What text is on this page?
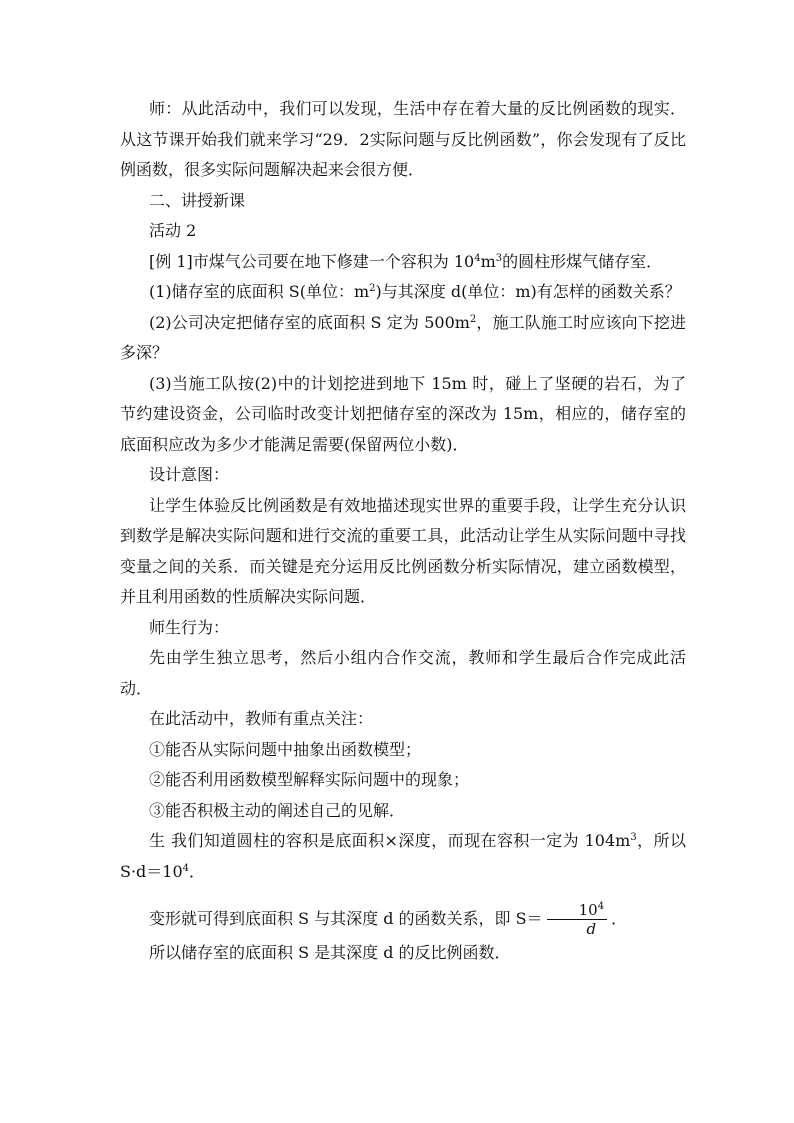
师：从此活动中，我们可以发现，生活中存在着大量的反比例函数的现实．从这节课开始我们就来学习“29．2实际问题与反比例函数”，你会发现有了反比例函数，很多实际问题解决起来会很方便．

二、讲授新课

活动 2

[例 1]市煤气公司要在地下修建一个容积为 $10^4m^3$的圆柱形煤气储存室．

(1)储存室的底面积 S(单位：$m^2$)与其深度 d(单位：m)有怎样的函数关系？

(2)公司决定把储存室的底面积 S 定为 $500m^2$，施工队施工时应该向下挖进多深？

(3)当施工队按(2)中的计划挖进到地下 15m 时，碰上了坚硬的岩石，为了节约建设资金，公司临时改变计划把储存室的深改为 15m，相应的，储存室的底面积应改为多少才能满足需要(保留两位小数)．

设计意图：

让学生体验反比例函数是有效地描述现实世界的重要手段，让学生充分认识到数学是解决实际问题和进行交流的重要工具，此活动让学生从实际问题中寻找变量之间的关系．而关键是充分运用反比例函数分析实际情况，建立函数模型，并且利用函数的性质解决实际问题．

师生行为：

先由学生独立思考，然后小组内合作交流，教师和学生最后合作完成此活动．

在此活动中，教师有重点关注：

①能否从实际问题中抽象出函数模型；

②能否利用函数模型解释实际问题中的现象；

③能否积极主动的阐述自己的见解．

生 我们知道圆柱的容积是底面积×深度，而现在容积一定为 $104m^3$，所以 $S\cdot d=10^4$．

变形就可得到底面积 S 与其深度 d 的函数关系，即 $S= \frac{10^4}{d}$ ．

所以储存室的底面积 S 是其深度 d 的反比例函数．
